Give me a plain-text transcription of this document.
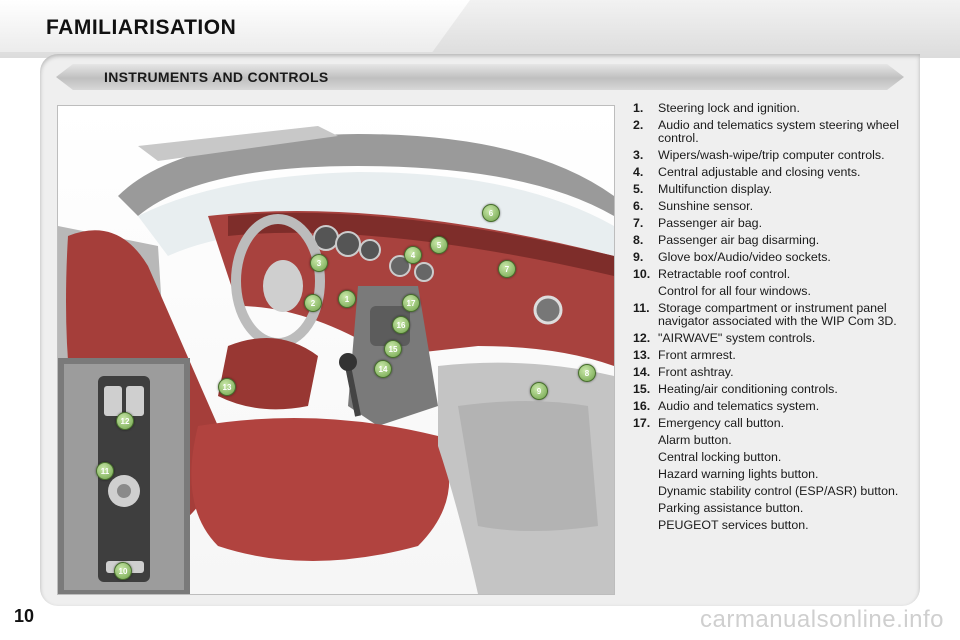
FAMILIARISATION
INSTRUMENTS AND CONTROLS
1
2
3
4
5
6
7
8
9
10
11
12
13
14
15
16
17
1. Steering lock and ignition.
2. Audio and telematics system steering wheel control.
3. Wipers/wash-wipe/trip computer controls.
4. Central adjustable and closing vents.
5. Multifunction display.
6. Sunshine sensor.
7. Passenger air bag.
8. Passenger air bag disarming.
9. Glove box/Audio/video sockets.
10. Retractable roof control.
Control for all four windows.
11. Storage compartment or instrument panel navigator associated with the WIP Com 3D.
12. "AIRWAVE" system controls.
13. Front armrest.
14. Front ashtray.
15. Heating/air conditioning controls.
16. Audio and telematics system.
17. Emergency call button.
Alarm button.
Central locking button.
Hazard warning lights button.
Dynamic stability control (ESP/ASR) button.
Parking assistance button.
PEUGEOT services button.
10	carmanualsonline.info
